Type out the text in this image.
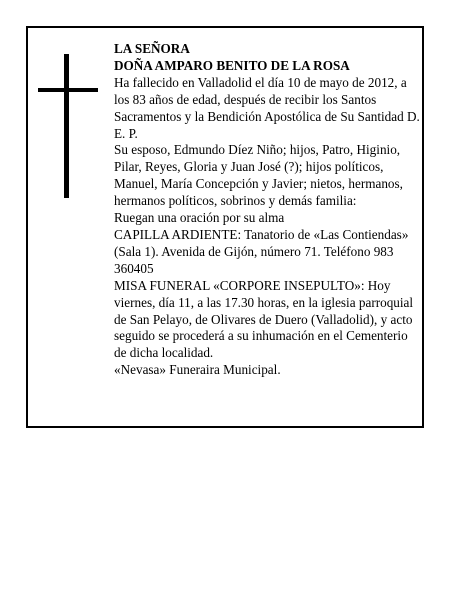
LA SEÑORA

DOÑA AMPARO BENITO DE LA ROSA

Ha fallecido en Valladolid el día 10 de mayo de 2012, a los 83 años de edad, después de recibir los Santos Sacramentos y la Bendición Apostólica de Su Santidad D. E. P.

Su esposo, Edmundo Díez Niño; hijos, Patro, Higinio, Pilar, Reyes, Gloria y Juan José (?); hijos políticos, Manuel, María Concepción y Javier; nietos, hermanos, hermanos políticos, sobrinos y demás familia:

Ruegan una oración por su alma

CAPILLA ARDIENTE: Tanatorio de «Las Contiendas» (Sala 1). Avenida de Gijón, número 71. Teléfono 983 360405

MISA FUNERAL «CORPORE INSEPULTO»: Hoy viernes, día 11, a las 17.30 horas, en la iglesia parroquial de San Pelayo, de Olivares de Duero (Valladolid), y acto seguido se procederá a su inhumación en el Cementerio de dicha localidad.

«Nevasa» Funeraira Municipal.
